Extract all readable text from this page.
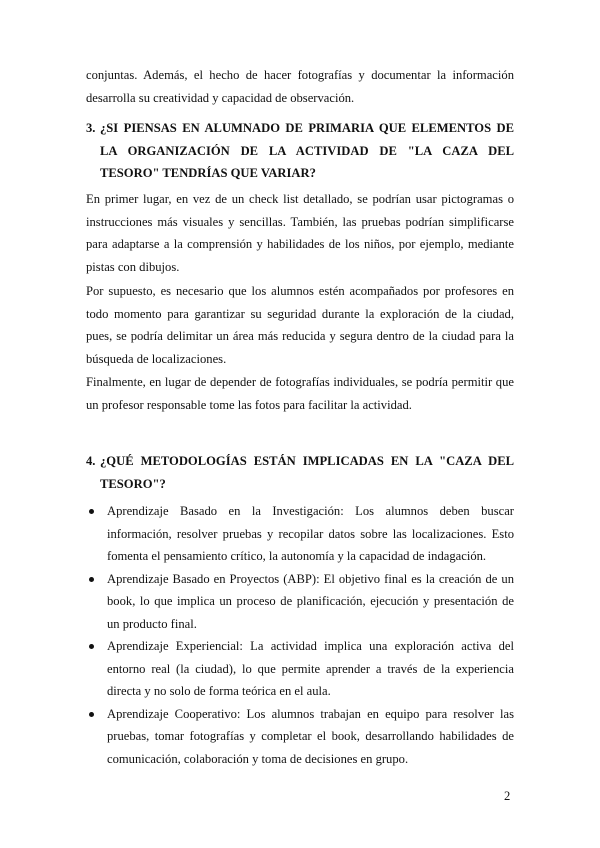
conjuntas. Además, el hecho de hacer fotografías y documentar la información desarrolla su creatividad y capacidad de observación.

3. ¿SI PIENSAS EN ALUMNADO DE PRIMARIA QUE ELEMENTOS DE LA ORGANIZACIÓN DE LA ACTIVIDAD DE "LA CAZA DEL TESORO" TENDRÍAS QUE VARIAR?

En primer lugar, en vez de un check list detallado, se podrían usar pictogramas o instrucciones más visuales y sencillas. También, las pruebas podrían simplificarse para adaptarse a la comprensión y habilidades de los niños, por ejemplo, mediante pistas con dibujos.

Por supuesto, es necesario que los alumnos estén acompañados por profesores en todo momento para garantizar su seguridad durante la exploración de la ciudad, pues, se podría delimitar un área más reducida y segura dentro de la ciudad para la búsqueda de localizaciones.

Finalmente, en lugar de depender de fotografías individuales, se podría permitir que un profesor responsable tome las fotos para facilitar la actividad.

4. ¿QUÉ METODOLOGÍAS ESTÁN IMPLICADAS EN LA "CAZA DEL TESORO"?
Aprendizaje Basado en la Investigación: Los alumnos deben buscar información, resolver pruebas y recopilar datos sobre las localizaciones. Esto fomenta el pensamiento crítico, la autonomía y la capacidad de indagación.
Aprendizaje Basado en Proyectos (ABP): El objetivo final es la creación de un book, lo que implica un proceso de planificación, ejecución y presentación de un producto final.
Aprendizaje Experiencial: La actividad implica una exploración activa del entorno real (la ciudad), lo que permite aprender a través de la experiencia directa y no solo de forma teórica en el aula.
Aprendizaje Cooperativo: Los alumnos trabajan en equipo para resolver las pruebas, tomar fotografías y completar el book, desarrollando habilidades de comunicación, colaboración y toma de decisiones en grupo.
2
